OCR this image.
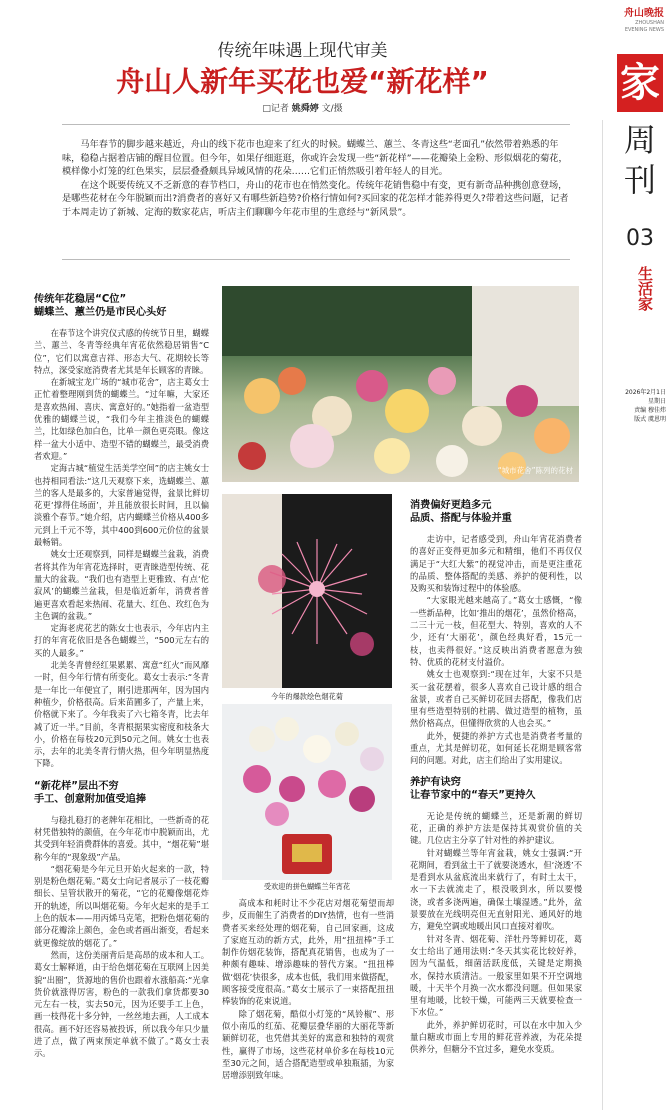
舟山晚报
ZHOUSHAN
EVENING NEWS
家
周
刊
03
生活家
2026年2月1日
星期日
责编 穆佳炜
版式 虞恩明
传统年味遇上现代审美
舟山人新年买花也爱“新花样”
□记者 姚舜婷 文/摄

马年春节的脚步越来越近，舟山的线下花市也迎来了红火的时候。蝴蝶兰、蕙兰、冬青这些“老面孔”依然带着熟悉的年味，稳稳占据着店铺的醒目位置。但今年，如果仔细逛逛，你或许会发现一些“新花样”——花瓣染上金粉、形似烟花的菊花，模样像小灯笼的红色果实，层层叠叠颇具异域风情的花朵……它们正悄然吸引着年轻人的目光。

在这个既要传统又不乏新意的春节档口，舟山的花市也在悄然变化。传统年花销售稳中有变，更有新奇品种携创意登场，是哪些花材在今年脱颖而出?消费者的喜好又有哪些新趋势?价格行情如何?买回家的花怎样才能养得更久?带着这些问题，记者于本周走访了新城、定海的数家花店，听店主们聊聊今年花市里的生意经与“新风景”。

传统年花稳居“C位”
蝴蝶兰、蕙兰仍是市民心头好

在春节这个讲究仪式感的传统节日里，蝴蝶兰、蕙兰、冬青等经典年宵花依然稳居销售“C位”，它们以寓意吉祥、形态大气、花期较长等特点，深受家庭消费者尤其是年长顾客的青睐。

在新城宝龙广场的“城市花舍”，店主葛女士正忙着整理刚到货的蝴蝶兰。“过年嘛，大家还是喜欢热闹、喜庆、寓意好的。”她指着一盆造型优雅的蝴蝶兰说，“我们今年主推淡色的蝴蝶兰，比如绿色加白色，比单一颜色更亮眼。像这样一盆大小适中、造型不错的蝴蝶兰，最受消费者欢迎。”

定海古城“植觉生活美学空间”的店主姚女士也持相同看法:“这几天观察下来，选蝴蝶兰、蕙兰的客人是最多的，大家普遍觉得，盆景比鲜切花更‘撑得住场面’，并且能放很长时间，且以偏淡雅个春节。”她介绍，店内蝴蝶兰价格从400多元到上千元不等，其中400到600元价位的盆景最畅销。

姚女士还观察到，同样是蝴蝶兰盆栽，消费者将其作为年宵花选择时，更青睐造型传统、花量大的盆栽。“我们也有造型上更雅致、有点‘佗寂风’的蝴蝶兰盆栽，但是临近新年，消费者普遍更喜欢看起来热闹、花量大、红色、玫红色为主色调的盆栽。”

定海老虎花艺的陈女士也表示，今年店内主打的年宵花依旧是各色蝴蝶兰，“500元左右的买的人最多。”

北美冬青曾经红果累累、寓意“红火”而风靡一时，但今年行情有所变化。葛女士表示:“冬青是一年比一年便宜了，刚引进那两年，因为国内种植少，价格很高。后来苗圃多了，产量上来，价格就下来了。今年我卖了六七箱冬青，比去年减了近一半。”目前，冬青根据果实密度和枝条大小，价格在每枝20元到50元之间。姚女士也表示，去年的北美冬青行情火热，但今年明显热度下降。

“新花样”层出不穷
手工、创意附加值受追捧

与稳扎稳打的老牌年花相比，一些新奇的花材凭借独特的颜值，在今年花市中脱颖而出，尤其受到年轻消费群体的喜爱。其中，“烟花菊”堪称今年的“现象级”产品。

“烟花菊是今年元旦开始火起来的一款，特别是粉色烟花菊。”葛女士向记者展示了一枝花瓣细长、呈管状散开的菊花，“它的花瓣像烟花炸开的轨迹，所以叫烟花菊。今年火起来的是手工上色的版本——用丙烯马克笔，把粉色烟花菊的部分花瓣涂上颜色，金色或者画出渐变，看起来就更像绽放的烟花了。”

然而，这份美丽背后是高昂的成本和人工。葛女士解释道，由于给色烟花菊在互联网上因美貌“出圈”，货源地的售价也跟着水涨船高:“光拿货价就涨得厉害，粉色的一款我们拿货都要30元左右一枝，实去50元，因为还要手工上色，画一枝得花十多分钟，一丝丝地去画，人工成本很高。画不好还容易被投诉，所以我今年只少量进了点，做了两束预定单就不做了。”葛女士表示。

“城市花舍”陈列的花材
今年的爆款绘色烟花菊
受欢迎的拼色蝴蝶兰年宵花

高成本和耗时让不少花店对烟花菊望而却步，反而催生了消费者的DIY热情，也有一些消费者买来经处理的烟花菊，自己回家画，这成了家庭互动的新方式，此外，用“扭扭棒”手工制作仿烟花装饰，搭配真花销售，也成为了一种颇有趣味、增添趣味的替代方案。“扭扭棒做‘烟花’快很多，成本也低，我们用来做搭配，顾客接受度很高。”葛女士展示了一束搭配扭扭棒装饰的花束说道。

除了烟花菊，酷似小灯笼的“风铃椒”、形似小南瓜的红茄、花瓣层叠华丽的大丽花等新颖鲜切花，也凭借其美好的寓意和独特的观赏性，赢得了市场，这些花材单价多在每枝10元至30元之间，适合搭配造型或单独瓶插，为家居增添别致年味。

消费偏好更趋多元
品质、搭配与体验并重

走访中，记者感受到，舟山年宵花消费者的喜好正变得更加多元和精细，他们不再仅仅满足于“大红大紫”的视觉冲击，而是更注重花的品质、整体搭配的美感、养护的便利性，以及购买和装饰过程中的体验感。

“大家眼光越来越高了。”葛女士感慨，“像一些新品种，比如‘推出的烟花’，虽然价格高，二三十元一枝，但花型大、特别，喜欢的人不少，还有‘大丽花’，颜色经典好看，15元一枝，也卖得很好。”这反映出消费者愿意为独特、优质的花材支付溢价。

姚女士也观察到:“现在过年，大家不只是买一盆花摆着，很多人喜欢自己设计感的组合盆景，或者自己买鲜切花回去搭配，像我们店里有些造型特别的杜鹃、做过造型的植物，虽然价格高点，但懂得欣赏的人也会买。”

此外，便捷的养护方式也是消费者考量的重点，尤其是鲜切花，如何延长花期是顾客常问的问题。对此，店主们给出了实用建议。

养护有诀窍
让春节家中的“春天”更持久

无论是传统的蝴蝶兰，还是新潮的鲜切花，正确的养护方法是保持其观赏价值的关键。几位店主分享了针对性的养护建议。

针对蝴蝶兰等年宵盆栽，姚女士强调:“开花期间，看到盆土干了就要浇透水，但‘浇透’不是看到水从盆底流出来就行了，有时土太干，水一下去就流走了，根没吸到水，所以要慢浇，或者多浇两遍，确保土壤湿透。”此外，盆景要放在光线明亮但无直射阳光、通风好的地方，避免空调或地暖出风口直接对着吹。

针对冬青、烟花菊、洋牡丹等鲜切花，葛女士给出了通用法则:“冬天其实花比较好养，因为气温低，细菌活跃度低，关键是定期换水，保持水质清洁。一般家里如果不开空调地暖，十天半个月换一次水都没问题。但如果家里有地暖，比较干燥，可能两三天就要检查一下水位。”

此外，养护鲜切花时，可以在水中加入少量白糖或市面上专用的鲜花营养液，为花朵提供养分，但糖分不宜过多，避免水变质。
